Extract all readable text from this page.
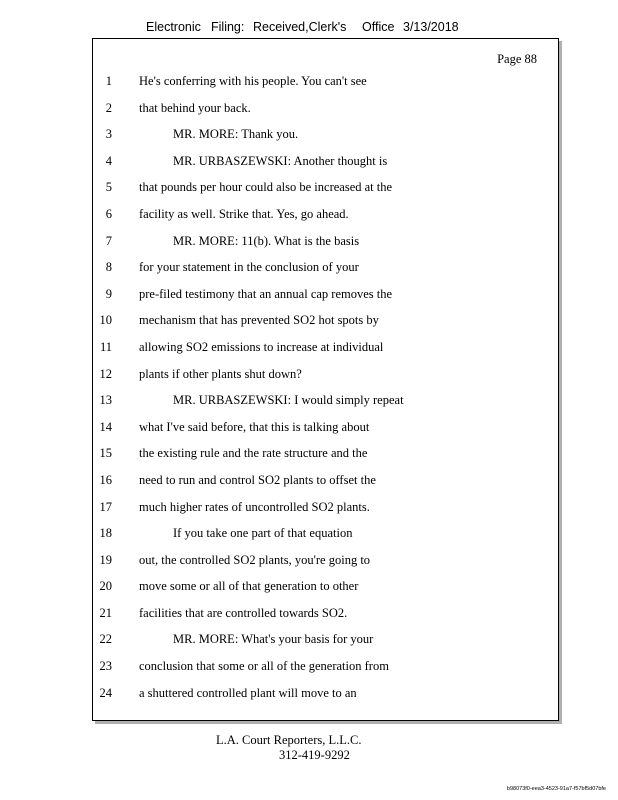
Electronic Filing: Received,Clerk's Office 3/13/2018
Page 88
1 He's conferring with his people. You can't see
2 that behind your back.
3	MR. MORE: Thank you.
4	MR. URBASZEWSKI: Another thought is
5 that pounds per hour could also be increased at the
6 facility as well. Strike that. Yes, go ahead.
7	MR. MORE: 11(b). What is the basis
8 for your statement in the conclusion of your
9 pre-filed testimony that an annual cap removes the
10 mechanism that has prevented SO2 hot spots by
11 allowing SO2 emissions to increase at individual
12 plants if other plants shut down?
13	MR. URBASZEWSKI: I would simply repeat
14 what I've said before, that this is talking about
15 the existing rule and the rate structure and the
16 need to run and control SO2 plants to offset the
17 much higher rates of uncontrolled SO2 plants.
18	If you take one part of that equation
19 out, the controlled SO2 plants, you're going to
20 move some or all of that generation to other
21 facilities that are controlled towards SO2.
22	MR. MORE: What's your basis for your
23 conclusion that some or all of the generation from
24 a shuttered controlled plant will move to an
L.A. Court Reporters, L.L.C.
312-419-9292
b98073f0-eea3-4523-91a7-f57bf5d07bfe
